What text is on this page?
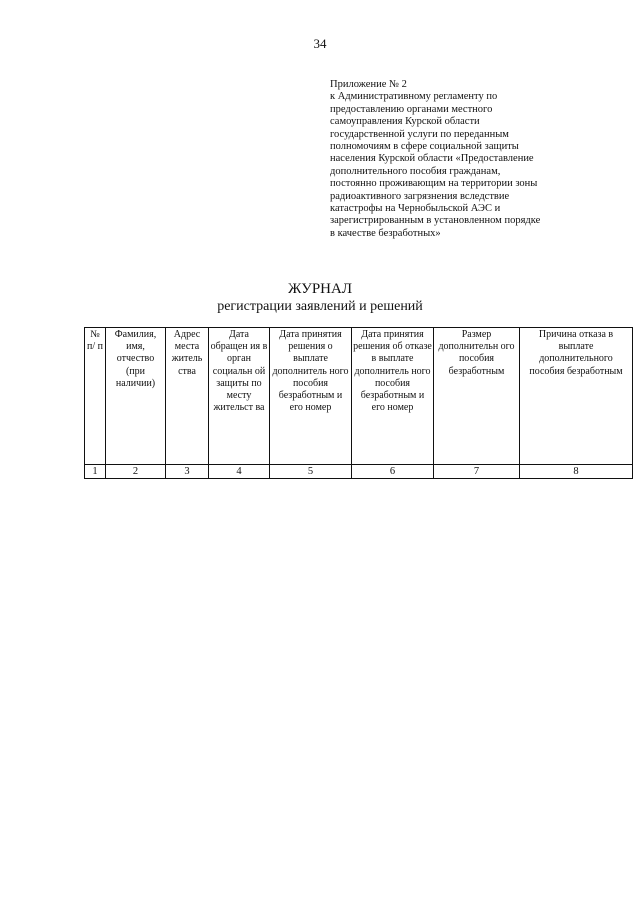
34
Приложение № 2
к Административному регламенту по
предоставлению органами местного
самоуправления Курской области
государственной услуги по переданным
полномочиям в сфере социальной защиты
населения Курской области «Предоставление
дополнительного пособия гражданам,
постоянно проживающим на территории зоны
радиоактивного загрязнения вследствие
катастрофы на Чернобыльской АЭС и
зарегистрированным в установленном порядке
в качестве безработных»
ЖУРНАЛ
регистрации заявлений и решений
№ п/ п	Фамилия, имя, отчество (при наличии)	Адрес места житель ства	Дата обращен ия в орган социальн ой защиты по месту жительст ва	Дата принятия решения о выплате дополнитель ного пособия безработным и его номер	Дата принятия решения об отказе в выплате дополнитель ного пособия безработным и его номер	Размер дополнительн ого пособия безработным	Причина отказа в выплате дополнительного пособия безработным
1	2	3	4	5	6	7	8
